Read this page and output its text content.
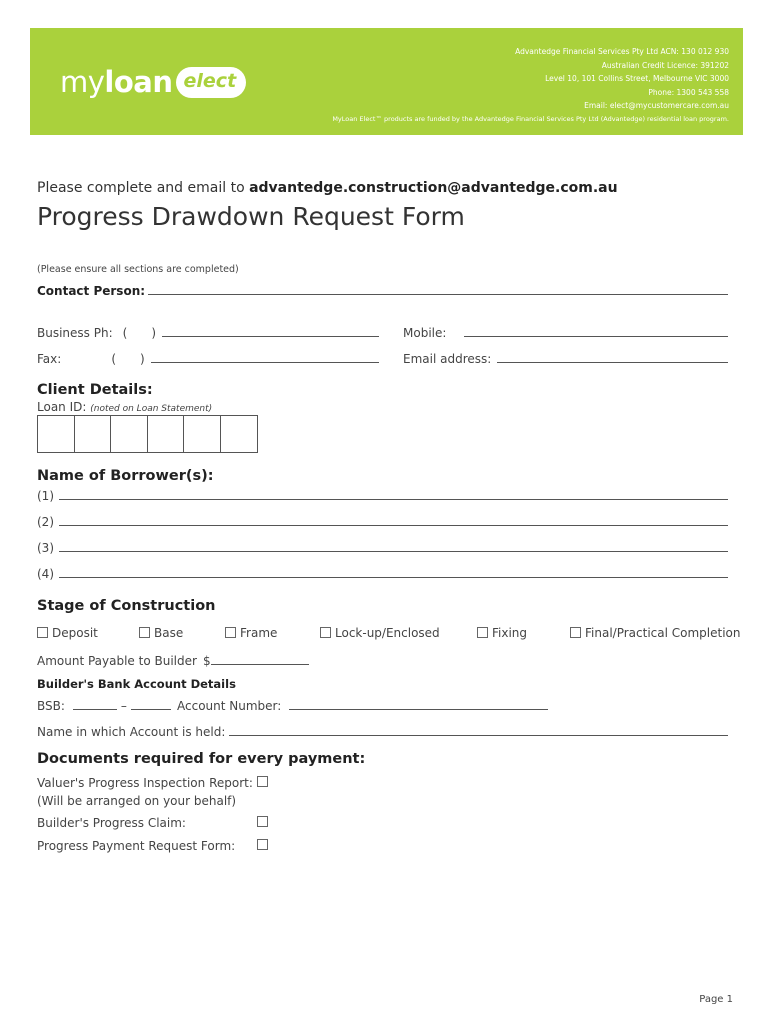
myloan elect
Advantedge Financial Services Pty Ltd ACN: 130 012 930
Australian Credit Licence: 391202
Level 10, 101 Collins Street, Melbourne VIC 3000
Phone: 1300 543 558
Email: elect@mycustomercare.com.au
MyLoan Elect™ products are funded by the Advantedge Financial Services Pty Ltd (Advantedge) residential loan program.
Please complete and email to advantedge.construction@advantedge.com.au
Progress Drawdown Request Form
(Please ensure all sections are completed)
Contact Person:
Business Ph: ( )	Mobile:
Fax:	( )	Email address:
Client Details:
Loan ID: (noted on Loan Statement)
Name of Borrower(s):
(1)
(2)
(3)
(4)
Stage of Construction
Deposit	Base	Frame	Lock-up/Enclosed	Fixing	Final/Practical Completion
Amount Payable to Builder $
Builder's Bank Account Details
BSB:	–	Account Number:
Name in which Account is held:
Documents required for every payment:
Valuer's Progress Inspection Report:
(Will be arranged on your behalf)
Builder's Progress Claim:
Progress Payment Request Form:
Page 1
